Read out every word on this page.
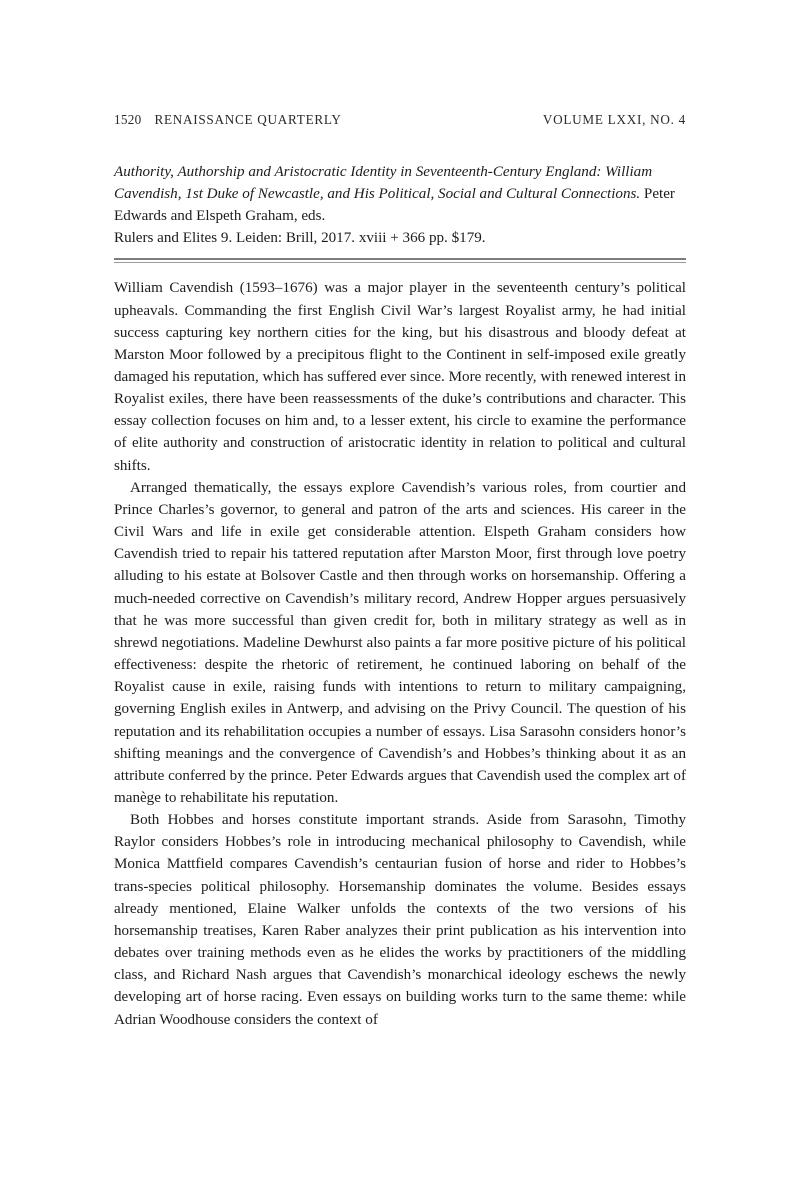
1520 RENAISSANCE QUARTERLY	VOLUME LXXI, NO. 4
Authority, Authorship and Aristocratic Identity in Seventeenth-Century England: William Cavendish, 1st Duke of Newcastle, and His Political, Social and Cultural Connections. Peter Edwards and Elspeth Graham, eds.
Rulers and Elites 9. Leiden: Brill, 2017. xviii + 366 pp. $179.

William Cavendish (1593–1676) was a major player in the seventeenth century’s political upheavals. Commanding the first English Civil War’s largest Royalist army, he had initial success capturing key northern cities for the king, but his disastrous and bloody defeat at Marston Moor followed by a precipitous flight to the Continent in self-imposed exile greatly damaged his reputation, which has suffered ever since. More recently, with renewed interest in Royalist exiles, there have been reassessments of the duke’s contributions and character. This essay collection focuses on him and, to a lesser extent, his circle to examine the performance of elite authority and construction of aristocratic identity in relation to political and cultural shifts.

Arranged thematically, the essays explore Cavendish’s various roles, from courtier and Prince Charles’s governor, to general and patron of the arts and sciences. His career in the Civil Wars and life in exile get considerable attention. Elspeth Graham considers how Cavendish tried to repair his tattered reputation after Marston Moor, first through love poetry alluding to his estate at Bolsover Castle and then through works on horsemanship. Offering a much-needed corrective on Cavendish’s military record, Andrew Hopper argues persuasively that he was more successful than given credit for, both in military strategy as well as in shrewd negotiations. Madeline Dewhurst also paints a far more positive picture of his political effectiveness: despite the rhetoric of retirement, he continued laboring on behalf of the Royalist cause in exile, raising funds with intentions to return to military campaigning, governing English exiles in Antwerp, and advising on the Privy Council. The question of his reputation and its rehabilitation occupies a number of essays. Lisa Sarasohn considers honor’s shifting meanings and the convergence of Cavendish’s and Hobbes’s thinking about it as an attribute conferred by the prince. Peter Edwards argues that Cavendish used the complex art of manège to rehabilitate his reputation.

Both Hobbes and horses constitute important strands. Aside from Sarasohn, Timothy Raylor considers Hobbes’s role in introducing mechanical philosophy to Cavendish, while Monica Mattfield compares Cavendish’s centaurian fusion of horse and rider to Hobbes’s trans-species political philosophy. Horsemanship dominates the volume. Besides essays already mentioned, Elaine Walker unfolds the contexts of the two versions of his horsemanship treatises, Karen Raber analyzes their print publication as his intervention into debates over training methods even as he elides the works by practitioners of the middling class, and Richard Nash argues that Cavendish’s monarchical ideology eschews the newly developing art of horse racing. Even essays on building works turn to the same theme: while Adrian Woodhouse considers the context of
